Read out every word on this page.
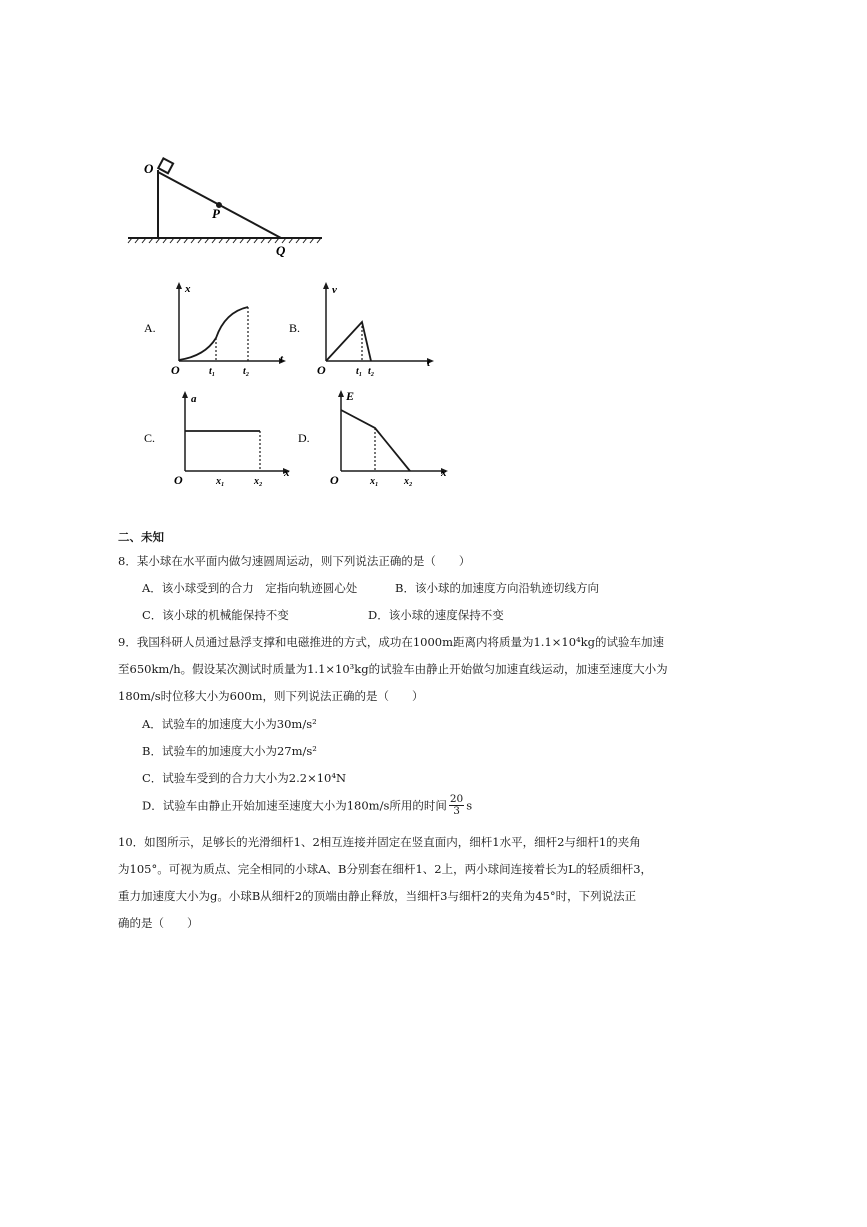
O
P
Q
A.
O
x
t
t₁	t₂
B.
O
v
t
t₁ t₂
C.
O
a
x
x₁	x₂
D.
O
E
x
x₁	x₂
二、未知
8．某小球在水平面内做匀速圆周运动，则下列说法正确的是（　　）
A．该小球受到的合力　定指向轨迹圆心处	B．该小球的加速度方向沿轨迹切线方向
C．该小球的机械能保持不变	D．该小球的速度保持不变
9．我国科研人员通过悬浮支撑和电磁推进的方式，成功在1000m距离内将质量为1.1×10⁴kg的试验车加速
至650km/h。假设某次测试时质量为1.1×10³kg的试验车由静止开始做匀加速直线运动，加速至速度大小为
180m/s时位移大小为600m，则下列说法正确的是（　　）
A．试验车的加速度大小为30m/s²
B．试验车的加速度大小为27m/s²
C．试验车受到的合力大小为2.2×10⁴N
D．试验车由静止开始加速至速度大小为180m/s所用的时间 $\frac{20}{3}$ s
10．如图所示，足够长的光滑细杆1、2相互连接并固定在竖直面内，细杆1水平，细杆2与细杆1的夹角
为105°。可视为质点、完全相同的小球A、B分别套在细杆1、2上，两小球间连接着长为L的轻质细杆3，
重力加速度大小为g。小球B从细杆2的顶端由静止释放，当细杆3与细杆2的夹角为45°时，下列说法正
确的是（　　）
